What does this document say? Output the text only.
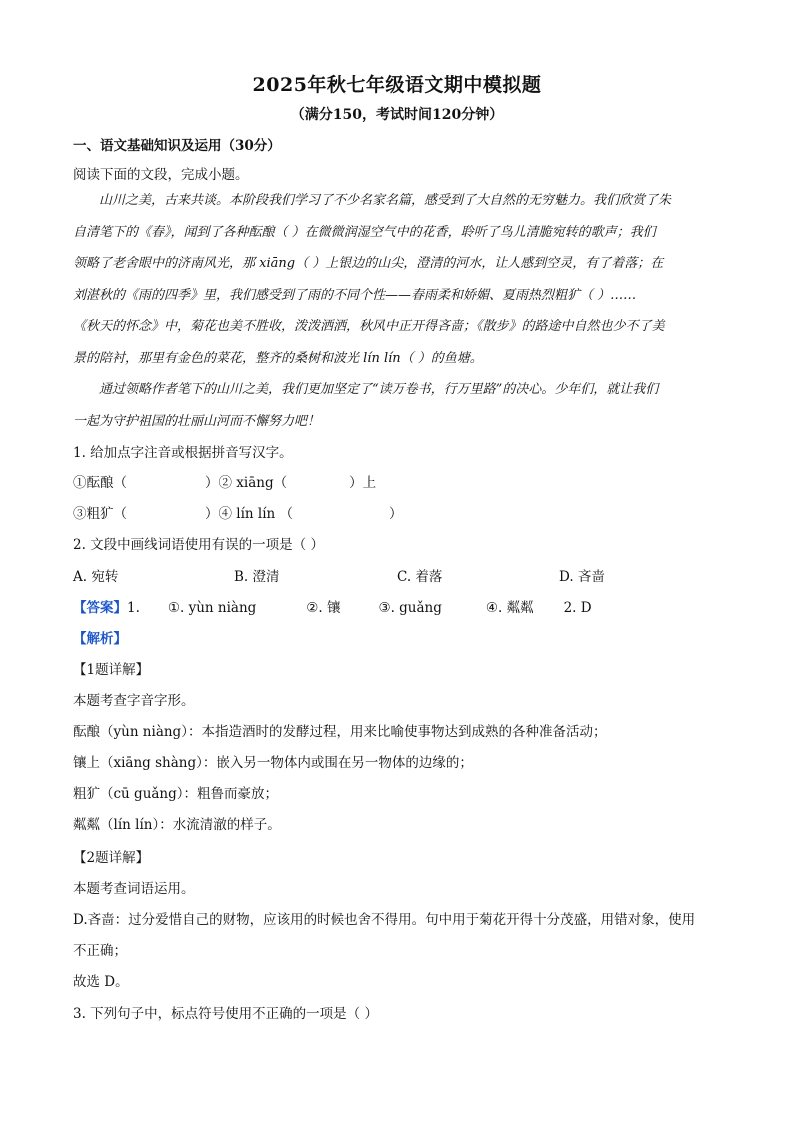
2025年秋七年级语文期中模拟题
（满分150，考试时间120分钟）
一、语文基础知识及运用（30分）
阅读下面的文段，完成小题。
山川之美，古来共谈。本阶段我们学习了不少名家名篇，感受到了大自然的无穷魅力。我们欣赏了朱
自清笔下的《春》，闻到了各种酝酿（ ）在微微润湿空气中的花香，聆听了鸟儿清脆宛转的歌声；我们
领略了老舍眼中的济南风光，那 xiāng（ ）上银边的山尖，澄清的河水，让人感到空灵，有了着落；在
刘湛秋的《雨的四季》里，我们感受到了雨的不同个性——春雨柔和娇媚、夏雨热烈粗犷（ ）……
《秋天的怀念》中，菊花也美不胜收，泼泼洒洒，秋风中正开得吝啬；《散步》的路途中自然也少不了美
景的陪衬，那里有金色的菜花，整齐的桑树和波光 lín lín（ ）的鱼塘。
通过领略作者笔下的山川之美，我们更加坚定了“读万卷书，行万里路”的决心。少年们，就让我们
一起为守护祖国的壮丽山河而不懈努力吧！
1. 给加点字注音或根据拼音写汉字。
①酝酿（	）② xiāng（	）上
③粗犷（	）④ lín lín （	）
2. 文段中画线词语使用有误的一项是（ ）
A. 宛转	B. 澄清	C. 着落	D. 吝啬
【答案】1. ①. yùn niàng	②. 镶	③. guǎng	④. 粼粼 2. D
【解析】
【1题详解】
本题考查字音字形。
酝酿（yùn niàng）：本指造酒时的发酵过程，用来比喻使事物达到成熟的各种准备活动；
镶上（xiāng shàng）：嵌入另一物体内或围在另一物体的边缘的；
粗犷（cū guǎng）：粗鲁而豪放；
粼粼（lín lín）：水流清澈的样子。
【2题详解】
本题考查词语运用。
D.吝啬：过分爱惜自己的财物，应该用的时候也舍不得用。句中用于菊花开得十分茂盛，用错对象，使用
不正确；
故选 D。
3. 下列句子中，标点符号使用不正确的一项是（ ）
